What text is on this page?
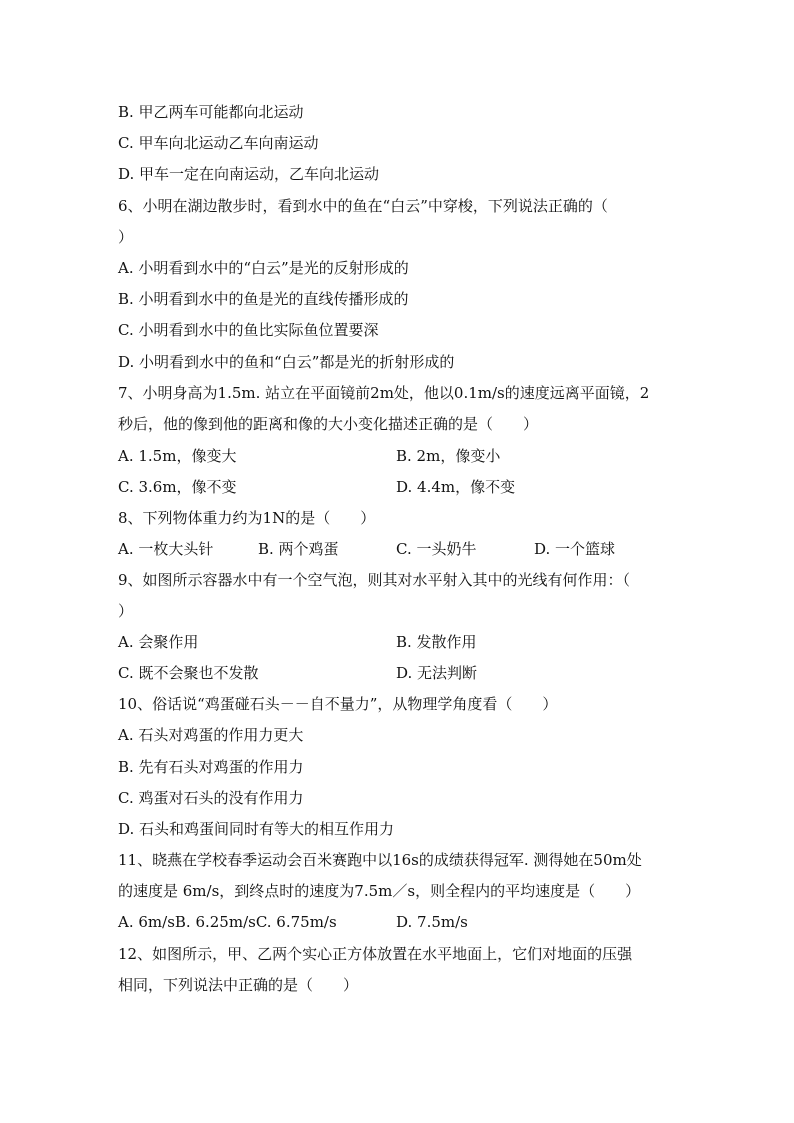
B. 甲乙两车可能都向北运动
C. 甲车向北运动乙车向南运动
D. 甲车一定在向南运动，乙车向北运动
6、小明在湖边散步时，看到水中的鱼在“白云”中穿梭，下列说法正确的（
）
A. 小明看到水中的“白云”是光的反射形成的
B. 小明看到水中的鱼是光的直线传播形成的
C. 小明看到水中的鱼比实际鱼位置要深
D. 小明看到水中的鱼和“白云”都是光的折射形成的
7、小明身高为1.5m. 站立在平面镜前2m处，他以0.1m/s的速度远离平面镜，2
秒后，他的像到他的距离和像的大小变化描述正确的是（　　）
A. 1.5m，像变大	B. 2m，像变小
C. 3.6m，像不变	D. 4.4m，像不变
8、下列物体重力约为1N的是（　　）
A. 一枚大头针	B. 两个鸡蛋	C. 一头奶牛	D. 一个篮球
9、如图所示容器水中有一个空气泡，则其对水平射入其中的光线有何作用：（
）
A. 会聚作用	B. 发散作用
C. 既不会聚也不发散	D. 无法判断
10、俗话说“鸡蛋碰石头－－自不量力”，从物理学角度看（　　）
A. 石头对鸡蛋的作用力更大
B. 先有石头对鸡蛋的作用力
C. 鸡蛋对石头的没有作用力
D. 石头和鸡蛋间同时有等大的相互作用力
11、晓燕在学校春季运动会百米赛跑中以16s的成绩获得冠军. 测得她在50m处
的速度是 6m/s，到终点时的速度为7.5m／s，则全程内的平均速度是（　　）
A. 6m/sB. 6.25m/sC. 6.75m/s	D. 7.5m/s
12、如图所示，甲、乙两个实心正方体放置在水平地面上，它们对地面的压强
相同，下列说法中正确的是（　　）
